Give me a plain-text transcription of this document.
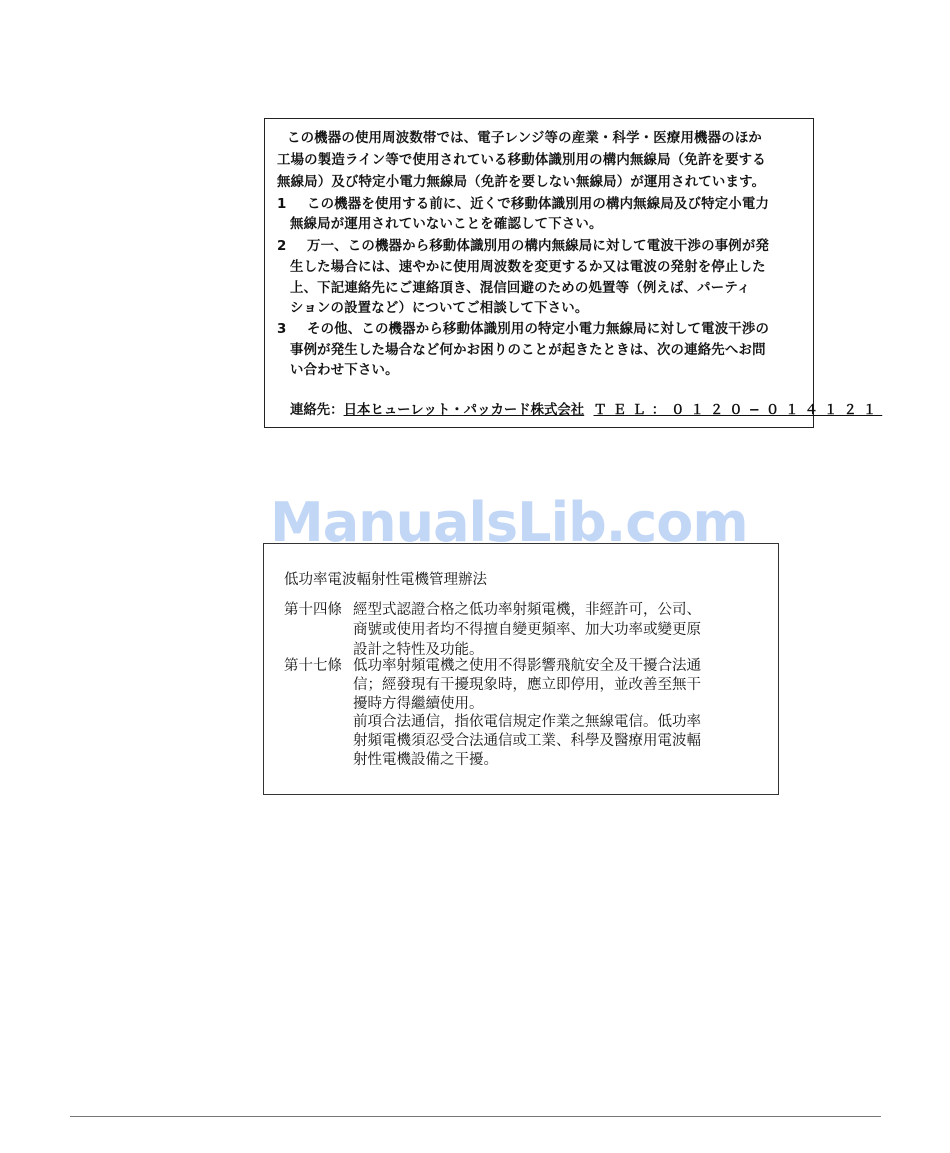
この機器の使用周波数帯では、電子レンジ等の産業・科学・医療用機器のほか
工場の製造ライン等で使用されている移動体識別用の構内無線局（免許を要する
無線局）及び特定小電力無線局（免許を要しない無線局）が運用されています。
1 この機器を使用する前に、近くで移動体識別用の構内無線局及び特定小電力
無線局が運用されていないことを確認して下さい。
2 万一、この機器から移動体識別用の構内無線局に対して電波干渉の事例が発
生した場合には、速やかに使用周波数を変更するか又は電波の発射を停止した
上、下記連絡先にご連絡頂き、混信回避のための処置等（例えば、パーティ
ションの設置など）についてご相談して下さい。
3 その他、この機器から移動体識別用の特定小電力無線局に対して電波干渉の
事例が発生した場合など何かお困りのことが起きたときは、次の連絡先へお問
い合わせ下さい。
連絡先：日本ヒューレット・パッカード株式会社 ＴＥＬ：０１２０−０１４１２１
ManualsLib.com
低功率電波輻射性電機管理辦法
第十四條 經型式認證合格之低功率射頻電機，非經許可，公司、
商號或使用者均不得擅自變更頻率、加大功率或變更原
設計之特性及功能。
第十七條 低功率射頻電機之使用不得影響飛航安全及干擾合法通
信；經發現有干擾現象時，應立即停用，並改善至無干
擾時方得繼續使用。
前項合法通信，指依電信規定作業之無線電信。低功率
射頻電機須忍受合法通信或工業、科學及醫療用電波輻
射性電機設備之干擾。
